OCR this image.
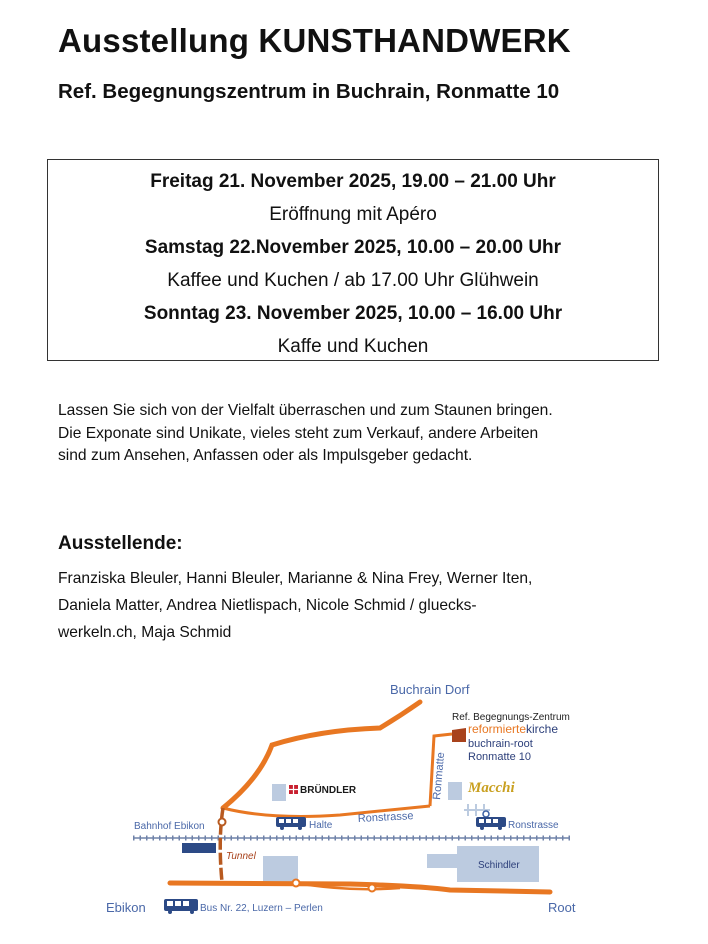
Ausstellung KUNSTHANDWERK
Ref. Begegnungszentrum in Buchrain, Ronmatte 10
Freitag 21. November 2025, 19.00 – 21.00 Uhr
Eröffnung mit Apéro
Samstag 22.November 2025, 10.00 – 20.00 Uhr
Kaffee und Kuchen / ab 17.00 Uhr Glühwein
Sonntag 23. November 2025, 10.00 – 16.00 Uhr
Kaffe und Kuchen
Lassen Sie sich von der Vielfalt überraschen und zum Staunen bringen.
Die Exponate sind Unikate, vieles steht zum Verkauf, andere Arbeiten
sind zum Ansehen, Anfassen oder als Impulsgeber gedacht.
Ausstellende:
Franziska Bleuler, Hanni Bleuler, Marianne & Nina Frey, Werner Iten,
Daniela Matter, Andrea Nietlispach, Nicole Schmid / gluecks-
werkeln.ch, Maja Schmid
Buchrain Dorf
Ref. Begegnungs-Zentrum
reformiertekirche
buchrain-root
Ronmatte 10
Ronmatte
BRÜNDLER	Macchi
Bahnhof Ebikon	Halte
Ronstrasse
Ronstrasse
Tunnel
Schindler
Ebikon	Bus Nr. 22, Luzern – Perlen	Root
